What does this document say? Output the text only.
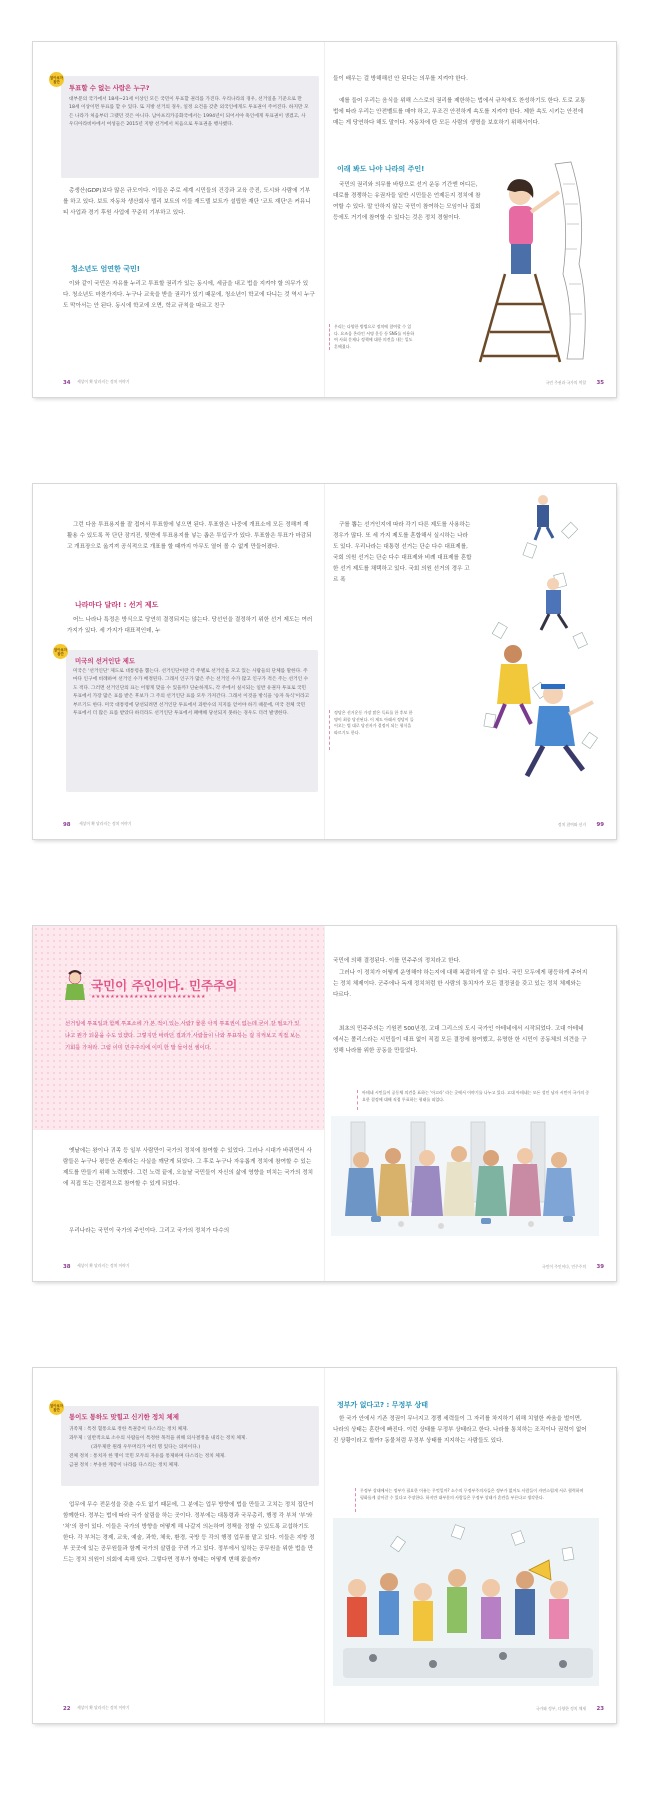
알아보자 참깐
투표할 수 없는 사람은 누구?
대부분의 국가에서 18세~21세 이상인 모든 국민이 투표할 권리를 가진다. 우리나라의 경우, 선거일을 기준으로 만 18세 이상이면 투표를 할 수 있다. 또 지방 선거의 경우, 일정 요건을 갖춘 외국인에게도 투표권이 주어진다. 하지만 모든 나라가 처음부터 그랬던 것은 아니다. 남아프리카공화국에서는 1994년이 되어서야 흑인에게 투표권이 생겼고, 사우디아라비아에서 여성들은 2015년 지방 선거에서 처음으로 투표권을 행사했다.
총생산(GDP)보다 많은 규모이다. 이들은 주로 세계 시민들의 건강과 교육 증진, 도시와 사람에 기부를 하고 있다. 보트 자동차 생산회사 델리 보트의 이들 재드델 보트가 설립한 재단 '코트 재단'은 커뮤니티 사업과 경기 후원 사업에 꾸준히 기부하고 있다.
청소년도 엄연한 국민!
이와 같이 국민은 자유를 누리고 투표할 권리가 있는 동시에, 세금을 내고 법을 지켜야 할 의무가 있다. 청소년도 마찬가지다. 누구나 교육을 받을 권리가 있기 때문에, 청소년이 학교에 다니는 것 역시 누구도 막아서는 안 된다. 동시에 학교에 오면, 학교 규칙을 따르고 친구
34 세상이 확 달라지는 정치 이야기
들이 배우는 걸 방해해선 안 된다는 의무를 지켜야 한다.
예를 들어 우리는 음식을 위해 스스로의 권리를 제한하는 법에서 규칙에도 찬성하기도 한다. 도로 교통법에 따라 우리는 안전벨트를 매야 하고, 무조건 안전하게 속도를 지켜야 한다. 제한 속도 시키는 안전에 매는 게 당연하다 해도 말이다. 자동차에 탄 모든 사람의 생명을 보호하기 위해서이다.
이래 봐도 나야 나라의 주인!
국민의 권리와 의무를 바탕으로 선거 운동 기간엔 어디든, 대로를 경쟁하는 유권자들 일반 시민들은 언제든지 정치에 참여할 수 있다. 말 안하지 않는 국민이 참여하는 모임이나 집회 등에도 거기에 참여할 수 있다는 것은 정치 경험이다.
우리는 다양한 방법으로 정치에 참여할 수 있다. 요즈음 온라인 서명 운동 등 SNS를 이용하여 사회 문제나 정책에 대한 의견을 내는 일도 흔해졌다.
국민 주권과 국가의 역할 35
그런 다음 투표용지를 잘 접어서 투표함에 넣으면 된다. 투표함은 나중에 개표소에 모든 정해져 재활용 수 있도록 꼭 단단 잠겨진, 뒷면에 투표용지를 넣는 좁은 투입구가 있다. 투표함은 투표가 마감되고 개표장으로 옮겨져 공식적으로 개표를 할 때까지 아무도 열어 볼 수 없게 만들어졌다.
나라마다 달라! : 선거 제도
어느 나라나 특정은 방식으로 당연히 결정되지는 않는다. 당선인을 결정하기 위한 선거 제도는 여러 가지가 있다. 세 가지가 대표적인데, 누
알아보자 참깐
미국의 선거인단 제도
미국은 '선거인단' 제도로 대통령을 뽑는다. 선거인단이란 각 주별로 선거인을 모고 있는 사람들의 단체를 말한다. 주마다 인구에 비례하여 선거인 수가 배정된다. 그래서 인구가 많은 주는 선거인 수가 많고 인구가 적은 주는 선거인 수도 적다. 그러면 선거인단의 표는 어떻게 맞을 수 있을까? 단순하게도, 각 주에서 실시되는 일반 유권자 투표로 국민 투표에서 가장 많은 표를 받은 후보가 그 주의 선거인단 표를 모두 가져간다. 그래서 이것을 방식을 '승자 독식'이라고 부르기도 한다. 미국 대통령에 당선되려면 선거인단 투표에서 과반수의 지지를 얻어야 하기 때문에, 미국 전체 국민 투표에서 더 많은 표를 받았다 하더라도 선거인단 투표에서 패배해 당선되지 못하는 경우도 더러 발생한다.
98 세상이 확 달라지는 정치 이야기
구를 뽑는 선거인지에 따라 각기 다른 제도를 사용하는 경우가 많다. 또 세 가지 제도를 혼합해서 실시하는 나라도 있다. 우리나라는 대통령 선거는 단순 다수 대표제를, 국회 의원 선거는 단순 다수 대표제와 비례 대표제를 혼합한 선거 제도를 채택하고 있다. 국회 의원 선거의 경우 고르 폭
정당은 선거운동 가장 많은 득표를 한 후보 한 명이 최종 당선된다. 이 제도 아래서 정당이 들어오는 법 대로 당선자가 결정이 되는 형식을 따르기도 한다.
정치 참여와 선거 99
국민이 주인이다. 민주주의
★★★★★★★★★★★★★★★★★★★★★★★★
선거일에 투표일과 함께 투표소에 가 본 적이 있는 사람? 물론 아직 투표권이 없는데 굳이 갈 필요가 있냐고 뭔가 되묻을 수도 있겠다. 그렇지만 바라던 결과가 사람들이 나와 투표하는 걸 지켜보고 직접 보는 기회를 가져라. 그럼 이미 민주주의에 이미 한 발 들어선 셈이다.
옛날에는 왕이나 귀족 등 일부 사람만이 국가의 정치에 참여할 수 있었다. 그러나 시대가 바뀌면서 사람들은 누구나 평등한 존재라는 사실을 깨닫게 되었다. 그 후로 누구나 자유롭게 정치에 참여할 수 있는 제도를 만들기 위해 노력했다. 그런 노력 끝에, 오늘날 국민들이 자신의 삶에 영향을 미치는 국가의 정치에 직접 또는 간접적으로 참여할 수 있게 되었다.
우리나라는 국민이 국가의 주인이다. 그리고 국가의 정치가 다수의
38 세상이 확 달라지는 정치 이야기
국민에 의해 결정된다. 이를 민주주의 정치라고 한다.
그러나 이 정치가 어떻게 운영해야 하는지에 대해 복잡하게 알 수 있다. 국민 모두에게 평등하게 주어지는 정치 체제이다. 군주에나 독재 정치처럼 한 사람의 통치자가 모든 결정권을 갖고 있는 정치 체제와는 다르다.
최초의 민주주의는 기원전 500년경, 고대 그리스의 도시 국가인 아테네에서 시작되었다. 고대 아테네에서는 폴리스라는 시민들이 대표 없이 직접 모든 결정에 참여했고, 유명한 한 시민이 공동체의 의견을 구성해 나라를 위한 공동을 만들었다.
아테네 시민들이 공동체 의견을 표하는 '아고라' 라는 곳에서 이야기를 나누고 있다. 고대 아테네는 모든 성인 남자 시민이 국가의 중요한 결정에 대해 직접 투표하는 형태를 띠었다.
국민이 주인이다, 민주주의 39
알아보자 참깐
통이도 통하도 맞힐고 신기한 정치 체제
귀족제 : 특정 혈통으로 정한 특권층이 다스리는 정치 체제.
과두제 : 일반적으로 소수의 사람들이 특정한 목적을 위해 의사결정을 내리는 정치 체제.
(과두제란 원래 우두머리가 여러 명 있다는 의미이다.)
전체 정치 : 통치자 한 명이 국민 모두의 자유를 통제하며 다스리는 정치 체제.
금권 정치 : 부유한 계층이 나라를 다스리는 정치 체제.
업무에 무수 전문성을 갖춘 수도 없기 때문에, 그 분에는 업무 방향에 법을 만들고 고치는 정치 집단이 함께한다. 정부는 법에 따라 국가 살림을 하는 곳이다. 정부에는 대통령과 국무총리, 행정 각 부처 '부'와 '처'의 장이 있다. 이들은 국가의 방향을 어떻게 해 나갈지 의논하며 정책을 정할 수 있도록 교섭하기도 한다. 각 부처는 경제, 교육, 예술, 과학, 체육, 환경, 국방 등 각의 행정 업무를 맡고 있다. 이들은 지방 정부 곳곳에 있는 공무원들과 함께 국가의 살림을 꾸려 가고 있다. 정부에서 일하는 공무원을 위한 법을 만드는 정치 의원이 의회에 속해 있다. 그렇다면 정부가 형태는 어떻게 변해 왔을까?
22 세상이 확 달라지는 정치 이야기
정부가 없다고? : 무정부 상태
한 국가 안에서 기존 정권이 무너지고 경쟁 세력들이 그 자리를 차지하기 위해 치열한 싸움을 벌이면, 나라의 상태는 혼란에 빠진다. 이런 상태를 무정부 상태라고 한다. 나라를 통치하는 조직이나 권력이 없어진 상황이라고 할까? 동물처럼 무정부 상태를 지지하는 사람들도 있다.
무정부 상태에서는 정부가 필요한 이유는 무엇일까? 소수의 무정부주의자들은 정부가 없어도 사람들이 자연스럽게 서로 협력하며 평화롭게 살아갈 수 있다고 주장한다. 하지만 대부분의 사람들은 무정부 상태가 혼란을 부른다고 생각한다.
국가와 정부, 다양한 정치 체제 23
